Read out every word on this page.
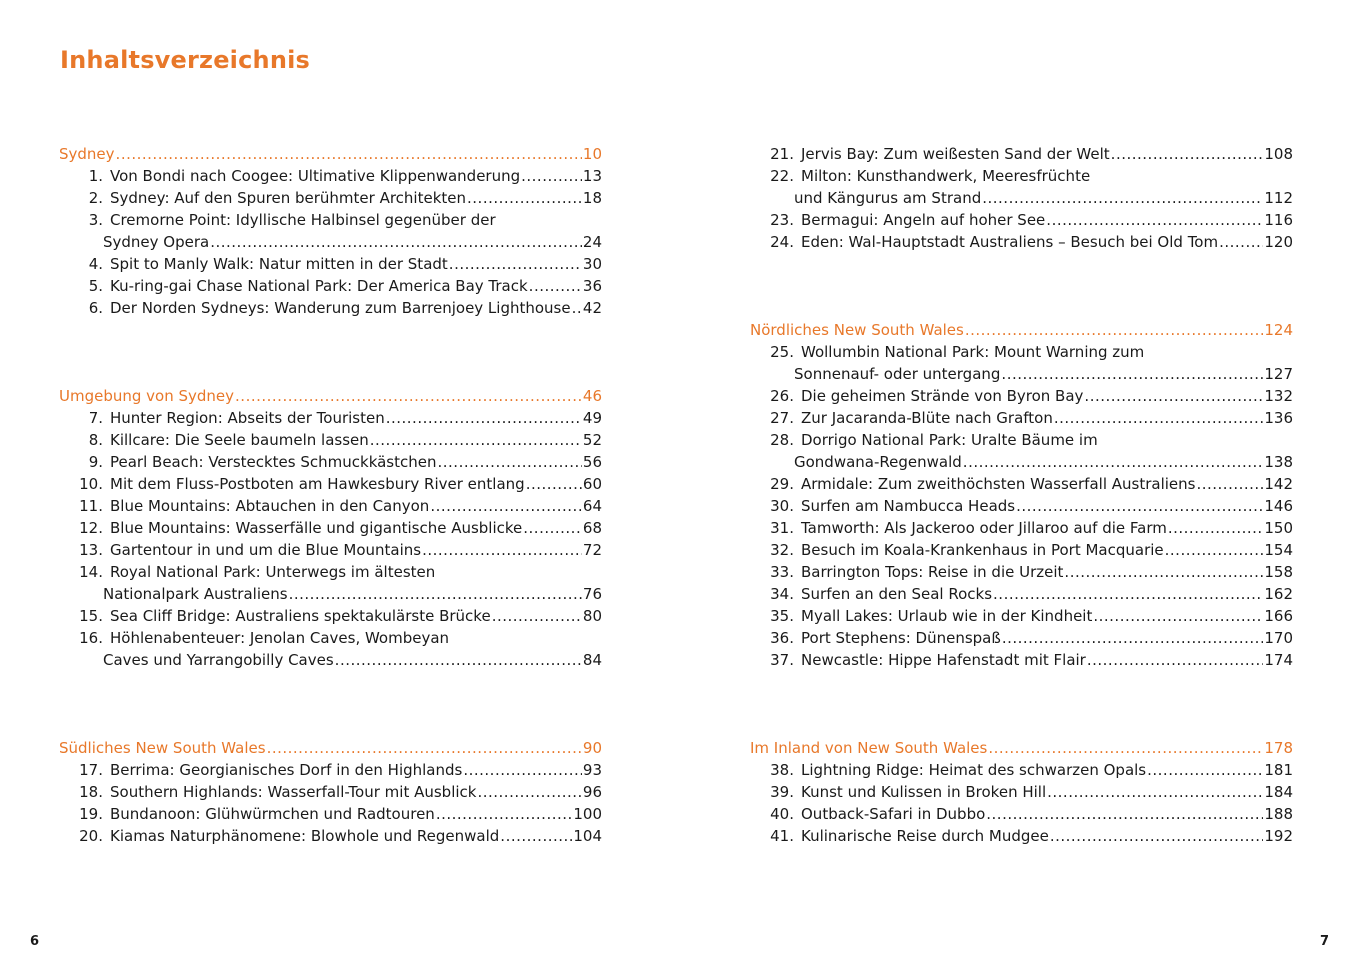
Inhaltsverzeichnis
Sydney .....	10
1. Von Bondi nach Coogee: Ultimative Klippenwanderung .....	13
2. Sydney: Auf den Spuren berühmter Architekten .....	18
3. Cremorne Point: Idyllische Halbinsel gegenüber der
Sydney Opera .....	24
4. Spit to Manly Walk: Natur mitten in der Stadt .....	30
5. Ku-ring-gai Chase National Park: Der America Bay Track .....	36
6. Der Norden Sydneys: Wanderung zum Barrenjoey Lighthouse ..... 42
Umgebung von Sydney .....	46
7. Hunter Region: Abseits der Touristen .....	49
8. Killcare: Die Seele baumeln lassen .....	52
9. Pearl Beach: Verstecktes Schmuckkästchen .....	56
10. Mit dem Fluss-Postboten am Hawkesbury River entlang .....	60
11. Blue Mountains: Abtauchen in den Canyon .....	64
12. Blue Mountains: Wasserfälle und gigantische Ausblicke .....	68
13. Gartentour in und um die Blue Mountains .....	72
14. Royal National Park: Unterwegs im ältesten
Nationalpark Australiens .....	76
15. Sea Cliff Bridge: Australiens spektakulärste Brücke .....	80
16. Höhlenabenteuer: Jenolan Caves, Wombeyan
Caves und Yarrangobilly Caves .....	84
Südliches New South Wales .....	90
17. Berrima: Georgianisches Dorf in den Highlands .....	93
18. Southern Highlands: Wasserfall-Tour mit Ausblick .....	96
19. Bundanoon: Glühwürmchen und Radtouren .....	100
20. Kiamas Naturphänomene: Blowhole und Regenwald .....	104
21. Jervis Bay: Zum weißesten Sand der Welt .....	108
22. Milton: Kunsthandwerk, Meeresfrüchte
und Kängurus am Strand .....	112
23. Bermagui: Angeln auf hoher See .....	116
24. Eden: Wal-Hauptstadt Australiens – Besuch bei Old Tom .....	120
Nördliches New South Wales .....	124
25. Wollumbin National Park: Mount Warning zum
Sonnenauf- oder untergang .....	127
26. Die geheimen Strände von Byron Bay .....	132
27. Zur Jacaranda-Blüte nach Grafton .....	136
28. Dorrigo National Park: Uralte Bäume im
Gondwana-Regenwald .....	138
29. Armidale: Zum zweithöchsten Wasserfall Australiens .....	142
30. Surfen am Nambucca Heads .....	146
31. Tamworth: Als Jackeroo oder Jillaroo auf die Farm .....	150
32. Besuch im Koala-Krankenhaus in Port Macquarie .....	154
33. Barrington Tops: Reise in die Urzeit .....	158
34. Surfen an den Seal Rocks .....	162
35. Myall Lakes: Urlaub wie in der Kindheit .....	166
36. Port Stephens: Dünenspaß .....	170
37. Newcastle: Hippe Hafenstadt mit Flair .....	174
Im Inland von New South Wales .....	178
38. Lightning Ridge: Heimat des schwarzen Opals .....	181
39. Kunst und Kulissen in Broken Hill .....	184
40. Outback-Safari in Dubbo .....	188
41. Kulinarische Reise durch Mudgee .....	192
6	7
